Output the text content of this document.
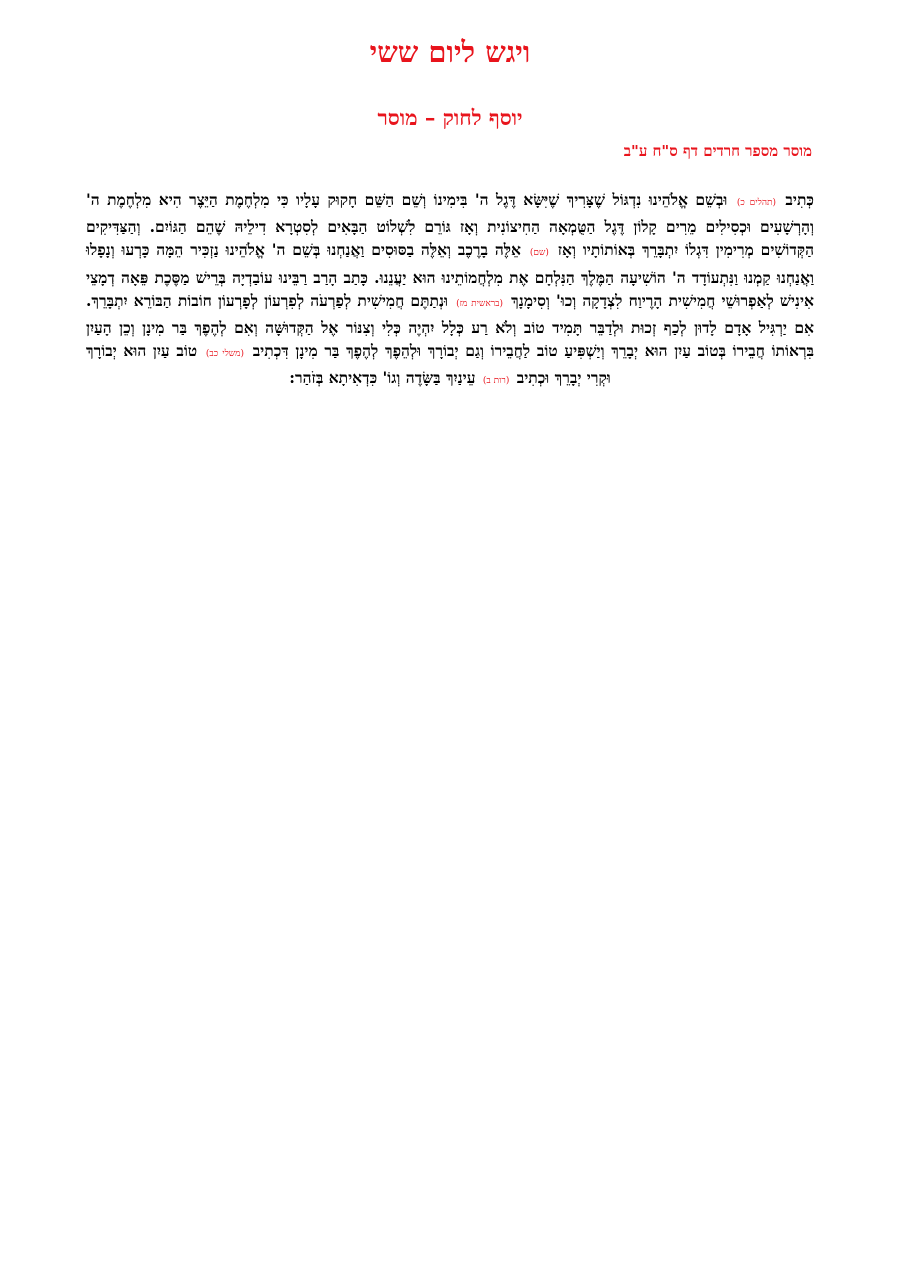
ויגש ליום ששי
יוסף לחוק – מוסר
מוסר מספר חרדים דף ס"ח ע"ב

כְּתִיב (תהלים כ) וּבְשֵׁם אֱלֹהֵינוּ נִדְגּוֹל שֶׁצָּרִיךְ שֶׁיִּשָּׂא דֶּגֶל ה' בִּימִינוֹ וְשֵׁם הַשֵּׁם חָקוּק עָלָיו כִּי מִלְחֶמֶת הַיֵּצֶר הִיא מִלְחֶמֶת ה' וְהָרְשָׁעִים וּכְסִילִים מֵרִים קָלוֹן דֶּגֶל הַטֻּמְאָה הַחִיצוֹנִית וְאָז גּוֹרֵם לִשְׁלוֹט הַבָּאִים לְסִטְרָא דִילֵיהּ שֶׁהֵם הַגּוֹיִם. וְהַצַּדִּיקִים הַקְּדוֹשִׁים מְרִימִין דִּגְלוֹ יִתְבָּרֵךְ בְּאוֹתוֹתָיו וְאָז (שם) אֵלֶּה בָרֶכֶב וְאֵלֶּה בַסּוּסִים וַאֲנַחְנוּ בְּשֵׁם ה' אֱלֹהֵינוּ נַזְכִּיר הֵמָּה כָּרְעוּ וְנָפָלוּ וַאֲנַחְנוּ קַמְנוּ וַנִּתְעוֹדָד ה' הוֹשִׁיעָה הַמֶּלֶךְ הַנִּלְחָם אֶת מִלְחֲמוֹתֵינוּ הוּא יַעֲנֵנוּ. כָּתַב הָרַב רַבֵּינוּ עוֹבַדְיָה בְּרֵישׁ מַסֶּכֶת פֵּאָה דְמָצֵי אִינִישׁ לְאַפְרוּשֵׁי חֲמִישִׁית הָרֶיוַח לִצְדָקָה וְכוּ' וְסִימָנָךְ (בראשית מז) וּנְתַתֶּם חֲמִישִׁית לְפַרְעֹה לְפִרְעוֹן לְפָרְעוֹן חוֹבוֹת הַבּוֹרֵא יִתְבָּרֵךְ. אִם יַרְגִּיל אָדָם לָדוּן לְכַף זְכוּת וּלְדַבֵּר תָּמִיד טוֹב וְלֹא רַע כְּלָל יִהְיֶה כְּלִי וְצִנּוֹר אֶל הַקְּדוּשָּׁה וְאִם לְהֶפֶךְ בַּר מִינָן וְכֵן הָעַיִן בִּרְאוֹתוֹ חֲבֵירוֹ בְּטוֹב עַיִן הוּא יְבָרֵךְ וְיַשְׁפִּיעַ טוֹב לַחֲבֵירוֹ וְגַם יְבוֹרָךְ וּלְהֵפֶךְ לְהֶפֶךְ בַּר מִינָן דִּכְתִיב (משלי כב) טוֹב עַיִן הוּא יְבוֹרָךְ וּקְרִי יְבָרֵךְ וּכְתִיב (רות ב) עֵינַיִךְ בַּשָּׂדֶה וְגוֹ' כִּדְאִיתָא בְּזֹהַר:
